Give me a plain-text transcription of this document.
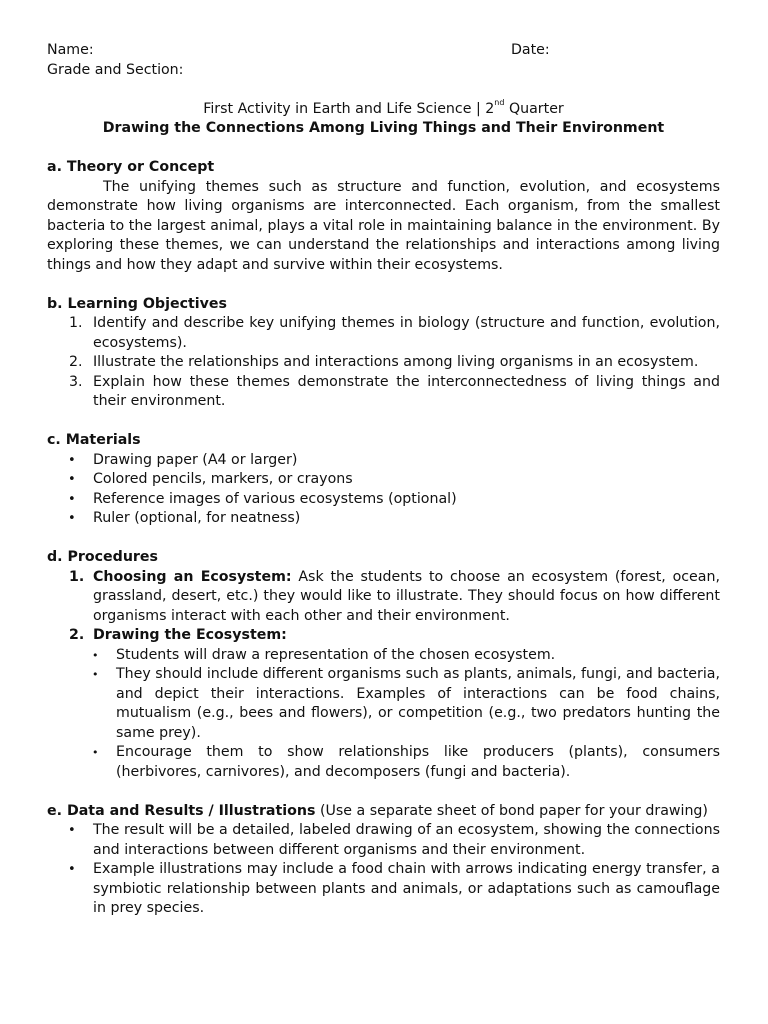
Name:	Date:
Grade and Section:
First Activity in Earth and Life Science | 2nd Quarter
Drawing the Connections Among Living Things and Their Environment
a. Theory or Concept
The unifying themes such as structure and function, evolution, and ecosystems demonstrate how living organisms are interconnected. Each organism, from the smallest bacteria to the largest animal, plays a vital role in maintaining balance in the environment. By exploring these themes, we can understand the relationships and interactions among living things and how they adapt and survive within their ecosystems.
b. Learning Objectives
1. Identify and describe key unifying themes in biology (structure and function, evolution, ecosystems).
2. Illustrate the relationships and interactions among living organisms in an ecosystem.
3. Explain how these themes demonstrate the interconnectedness of living things and their environment.
c. Materials
• Drawing paper (A4 or larger)
• Colored pencils, markers, or crayons
• Reference images of various ecosystems (optional)
• Ruler (optional, for neatness)
d. Procedures
1. Choosing an Ecosystem: Ask the students to choose an ecosystem (forest, ocean, grassland, desert, etc.) they would like to illustrate. They should focus on how different organisms interact with each other and their environment.
2. Drawing the Ecosystem:
• Students will draw a representation of the chosen ecosystem.
• They should include different organisms such as plants, animals, fungi, and bacteria, and depict their interactions. Examples of interactions can be food chains, mutualism (e.g., bees and flowers), or competition (e.g., two predators hunting the same prey).
• Encourage them to show relationships like producers (plants), consumers (herbivores, carnivores), and decomposers (fungi and bacteria).
e. Data and Results / Illustrations (Use a separate sheet of bond paper for your drawing)
• The result will be a detailed, labeled drawing of an ecosystem, showing the connections and interactions between different organisms and their environment.
• Example illustrations may include a food chain with arrows indicating energy transfer, a symbiotic relationship between plants and animals, or adaptations such as camouflage in prey species.
